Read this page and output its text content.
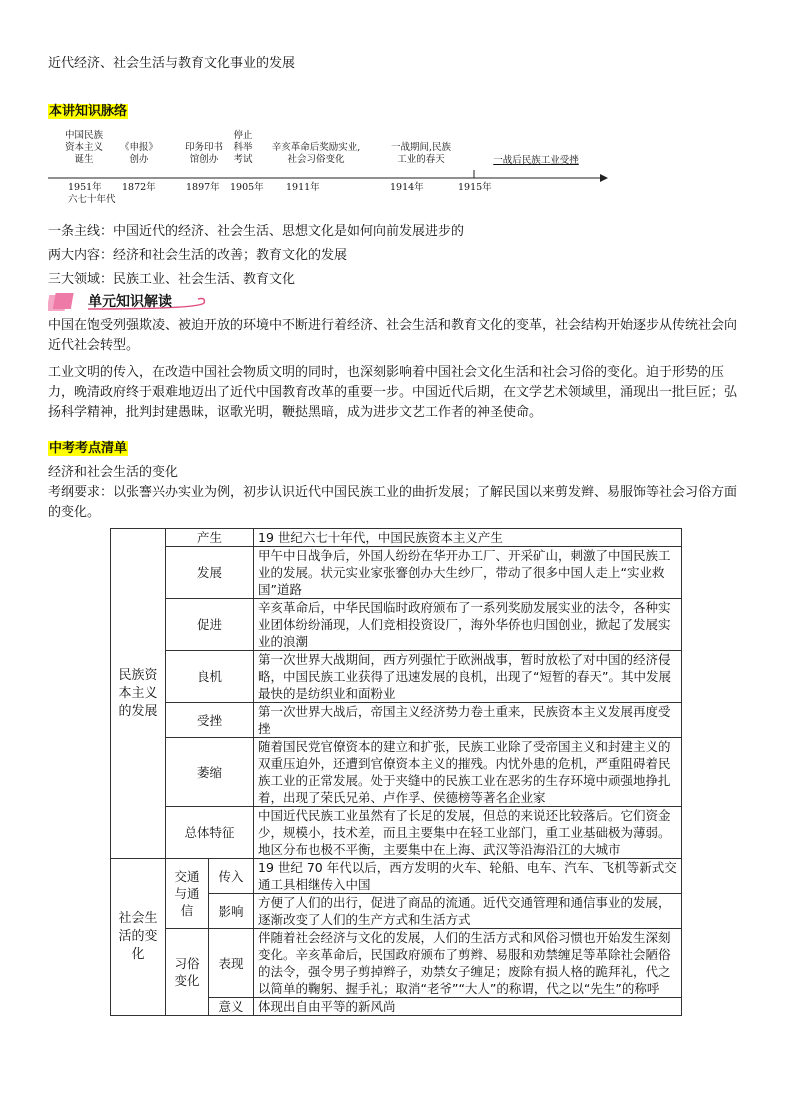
近代经济、社会生活与教育文化事业的发展
本讲知识脉络
中国民族
资本主义
诞生
《申报》
创办
印务印书
馆创办
停止
科举
考试
辛亥革命后奖励实业,
社会习俗变化
一战期间,民族
工业的春天	一战后民族工业受挫
1951年
六七十年代
1872年	1897年 1905年 1911年	1914年	1915年
一条主线：中国近代的经济、社会生活、思想文化是如何向前发展进步的
两大内容：经济和社会生活的改善；教育文化的发展
三大领域：民族工业、社会生活、教育文化
单元知识解读
中国在饱受列强欺凌、被迫开放的环境中不断进行着经济、社会生活和教育文化的变革，社会结构开始逐步从传统社会向近代社会转型。
工业文明的传入，在改造中国社会物质文明的同时，也深刻影响着中国社会文化生活和社会习俗的变化。迫于形势的压力，晚清政府终于艰难地迈出了近代中国教育改革的重要一步。中国近代后期，在文学艺术领域里，涌现出一批巨匠；弘扬科学精神，批判封建愚昧，讴歌光明，鞭挞黑暗，成为进步文艺工作者的神圣使命。
中考考点清单
经济和社会生活的变化
考纲要求：以张謇兴办实业为例，初步认识近代中国民族工业的曲折发展；了解民国以来剪发辫、易服饰等社会习俗方面的变化。
民族资本主义的发展	产生		19 世纪六七十年代，中国民族资本主义产生
	发展		甲午中日战争后，外国人纷纷在华开办工厂、开采矿山，刺激了中国民族工业的发展。状元实业家张謇创办大生纱厂，带动了很多中国人走上“实业救国”道路
	促进		辛亥革命后，中华民国临时政府颁布了一系列奖励发展实业的法令，各种实业团体纷纷涌现，人们竞相投资设厂，海外华侨也归国创业，掀起了发展实业的浪潮
	良机		第一次世界大战期间，西方列强忙于欧洲战事，暂时放松了对中国的经济侵略，中国民族工业获得了迅速发展的良机，出现了“短暂的春天”。其中发展最快的是纺织业和面粉业
	受挫		第一次世界大战后，帝国主义经济势力卷土重来，民族资本主义发展再度受挫
	萎缩		随着国民党官僚资本的建立和扩张，民族工业除了受帝国主义和封建主义的双重压迫外，还遭到官僚资本主义的摧残。内忧外患的危机，严重阻碍着民族工业的正常发展。处于夹缝中的民族工业在恶劣的生存环境中顽强地挣扎着，出现了荣氏兄弟、卢作孚、侯德榜等著名企业家
	总体特征		中国近代民族工业虽然有了长足的发展，但总的来说还比较落后。它们资金少，规模小，技术差，而且主要集中在轻工业部门，重工业基础极为薄弱。地区分布也极不平衡，主要集中在上海、武汉等沿海沿江的大城市
社会生活的变化	交通与通信	传入	19 世纪 70 年代以后，西方发明的火车、轮船、电车、汽车、飞机等新式交通工具相继传入中国
		影响	方便了人们的出行，促进了商品的流通。近代交通管理和通信事业的发展，逐渐改变了人们的生产方式和生活方式
	习俗变化	表现	伴随着社会经济与文化的发展，人们的生活方式和风俗习惯也开始发生深刻变化。辛亥革命后，民国政府颁布了剪辫、易服和劝禁缠足等革除社会陋俗的法令，强令男子剪掉辫子，劝禁女子缠足；废除有损人格的跪拜礼，代之以简单的鞠躬、握手礼；取消“老爷”“大人”的称谓，代之以“先生”的称呼
		意义	体现出自由平等的新风尚
